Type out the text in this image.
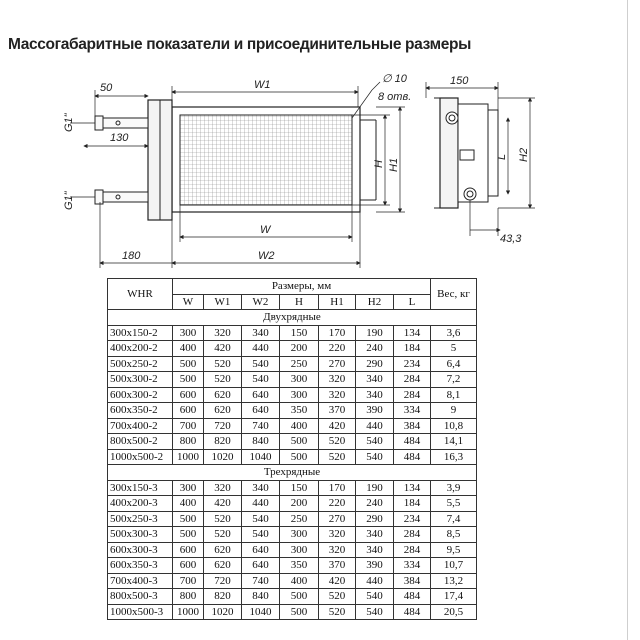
Массогабаритные показатели и присоединительные размеры
50
G1"
130
G1"
180
W1
W
W2
∅ 10
8 отв.
H H1
150
L H2
43,3
WHR	Размеры, мм							Вес, кг
	W	W1	W2	H	H1	H2	L	
Двухрядные								
300x150-2	300	320	340	150	170	190	134	3,6
400x200-2	400	420	440	200	220	240	184	5
500x250-2	500	520	540	250	270	290	234	6,4
500x300-2	500	520	540	300	320	340	284	7,2
600x300-2	600	620	640	300	320	340	284	8,1
600x350-2	600	620	640	350	370	390	334	9
700x400-2	700	720	740	400	420	440	384	10,8
800x500-2	800	820	840	500	520	540	484	14,1
1000x500-2	1000	1020	1040	500	520	540	484	16,3
Трехрядные								
300x150-3	300	320	340	150	170	190	134	3,9
400x200-3	400	420	440	200	220	240	184	5,5
500x250-3	500	520	540	250	270	290	234	7,4
500x300-3	500	520	540	300	320	340	284	8,5
600x300-3	600	620	640	300	320	340	284	9,5
600x350-3	600	620	640	350	370	390	334	10,7
700x400-3	700	720	740	400	420	440	384	13,2
800x500-3	800	820	840	500	520	540	484	17,4
1000x500-3	1000	1020	1040	500	520	540	484	20,5
